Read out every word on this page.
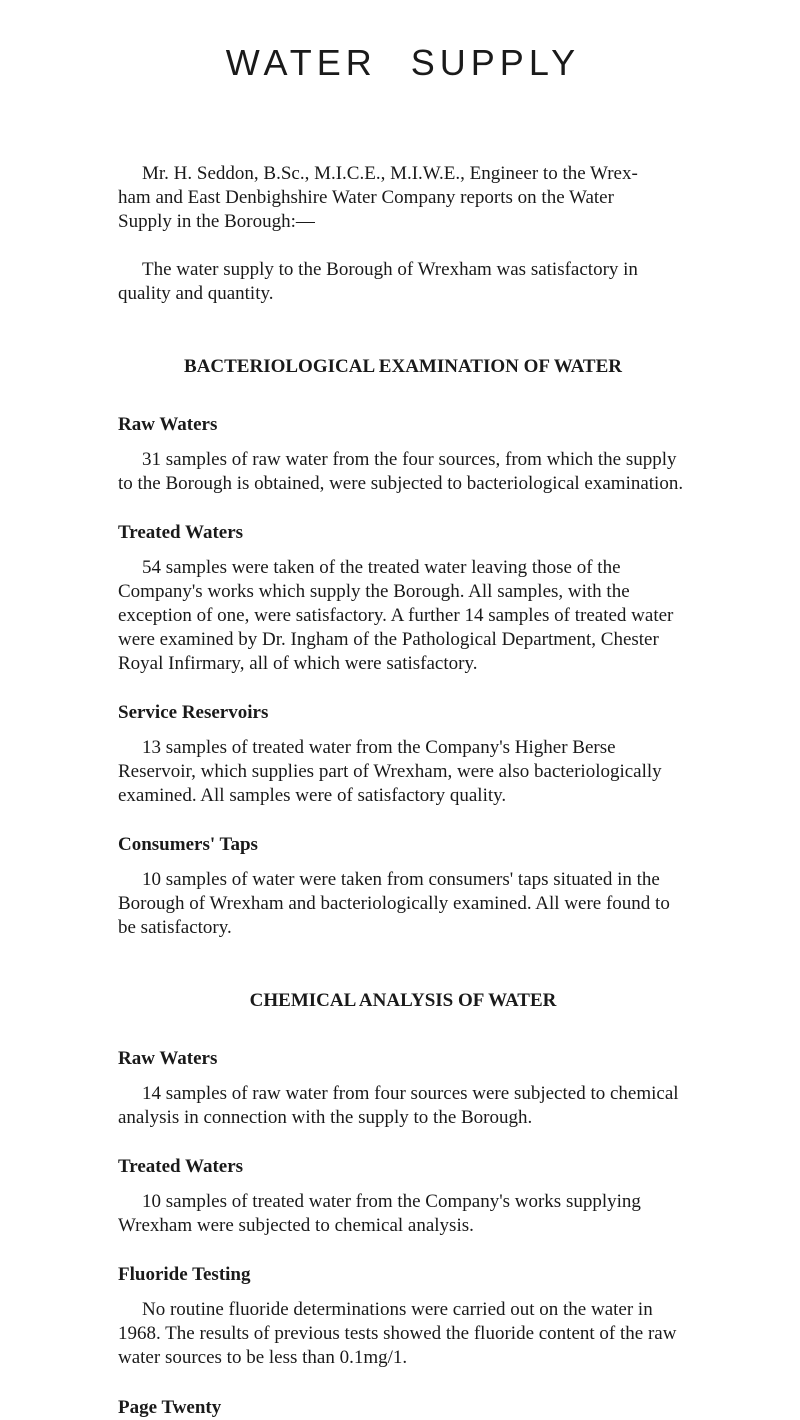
WATER SUPPLY

Mr. H. Seddon, B.Sc., M.I.C.E., M.I.W.E., Engineer to the Wrex-
ham and East Denbighshire Water Company reports on the Water
Supply in the Borough:—

The water supply to the Borough of Wrexham was satisfactory in quality and quantity.

BACTERIOLOGICAL EXAMINATION OF WATER
Raw Waters

31 samples of raw water from the four sources, from which the supply to the Borough is obtained, were subjected to bacteriological examination.

Treated Waters

54 samples were taken of the treated water leaving those of the Company's works which supply the Borough. All samples, with the exception of one, were satisfactory. A further 14 samples of treated water were examined by Dr. Ingham of the Pathological Department, Chester Royal Infirmary, all of which were satisfactory.

Service Reservoirs

13 samples of treated water from the Company's Higher Berse Reservoir, which supplies part of Wrexham, were also bacteriologically examined. All samples were of satisfactory quality.

Consumers' Taps

10 samples of water were taken from consumers' taps situated in the Borough of Wrexham and bacteriologically examined. All were found to be satisfactory.

CHEMICAL ANALYSIS OF WATER
Raw Waters

14 samples of raw water from four sources were subjected to chemical analysis in connection with the supply to the Borough.

Treated Waters

10 samples of treated water from the Company's works supplying Wrexham were subjected to chemical analysis.

Fluoride Testing

No routine fluoride determinations were carried out on the water in 1968. The results of previous tests showed the fluoride content of the raw water sources to be less than 0.1mg/1.

Page Twenty
